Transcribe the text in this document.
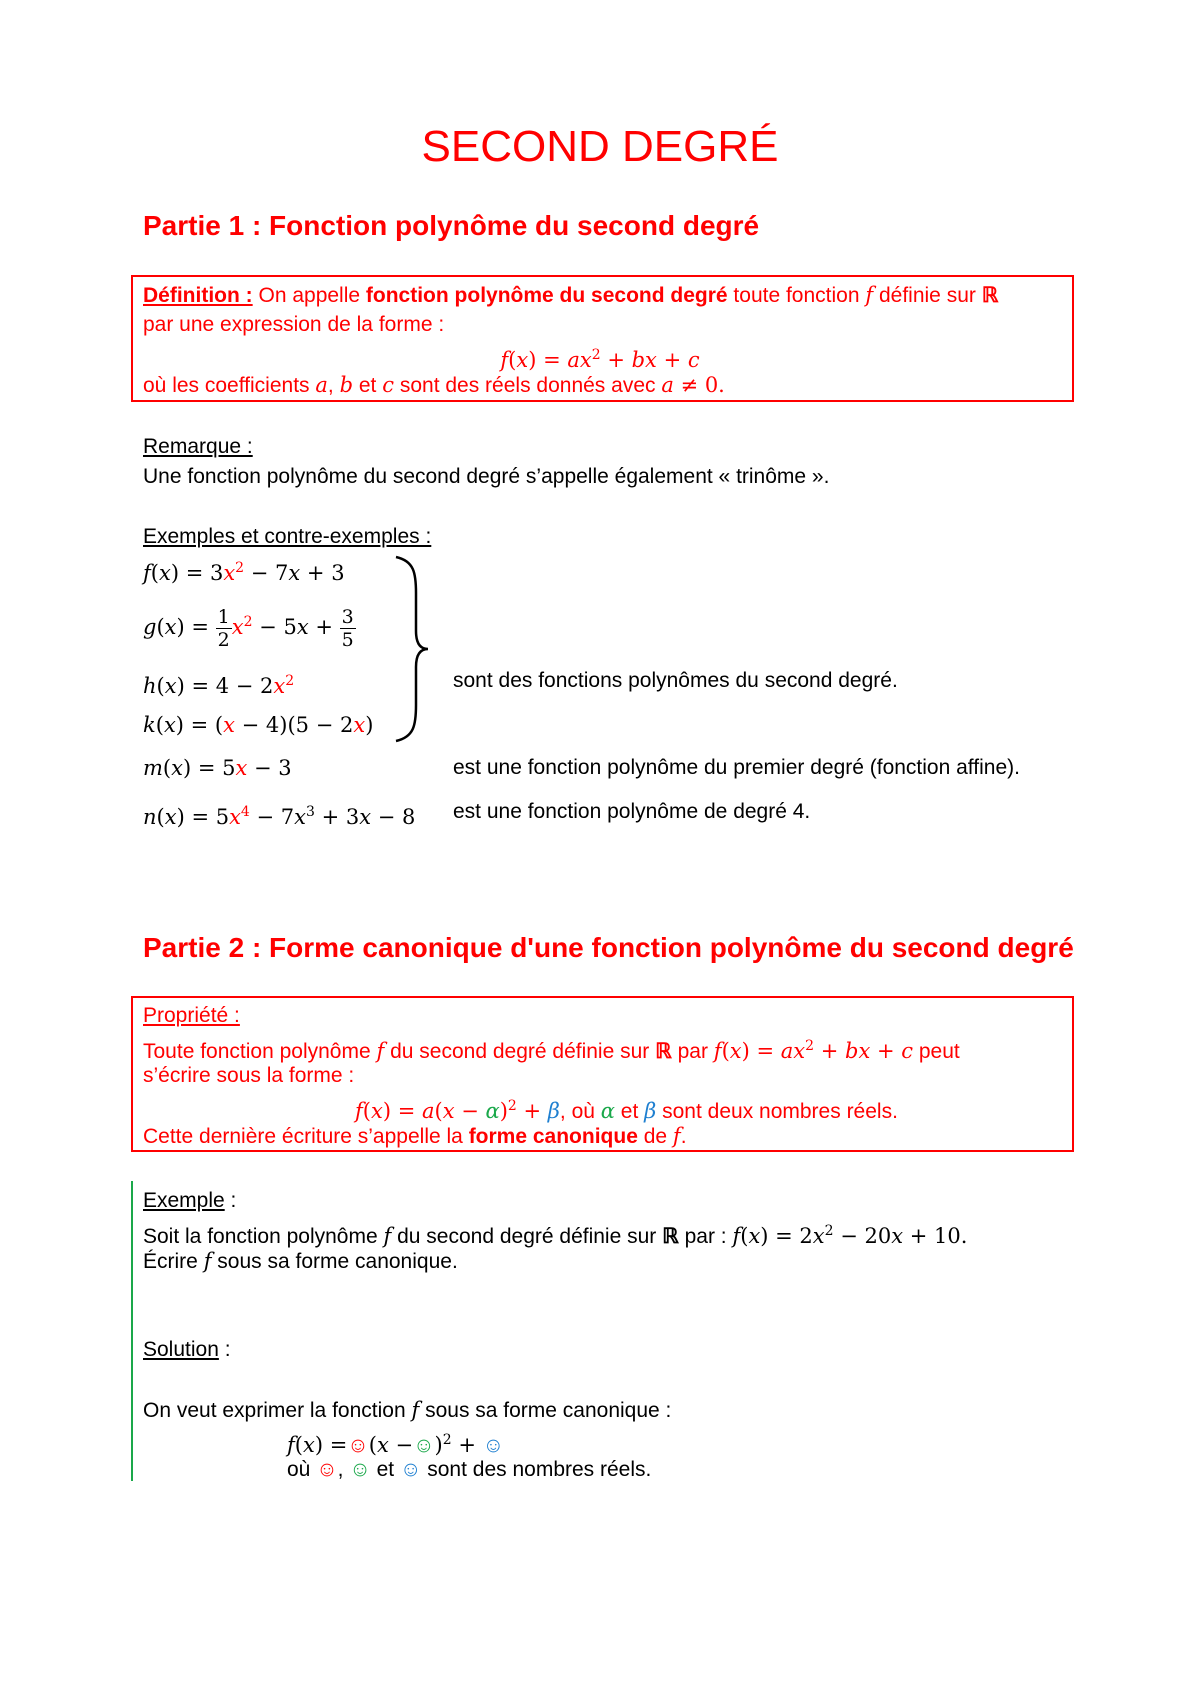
SECOND DEGRÉ
Partie 1 : Fonction polynôme du second degré
Définition : On appelle fonction polynôme du second degré toute fonction f définie sur ℝ
par une expression de la forme :
$f(x) = ax^2$ + bx + c
où les coefficients a, b et c sont des réels donnés avec a ≠ 0.
Remarque :
Une fonction polynôme du second degré s’appelle également « trinôme ».
Exemples et contre-exemples :
$f(x) = 3x^2 - 7x + 3$
$g(x) = \frac{1}{2} x^2 - 5x + \frac{3}{5}$
$h(x) = 4 - 2x^2$
k(x) = (x − 4)(5 − 2x)
sont des fonctions polynômes du second degré.
m(x) = 5x − 3	est une fonction polynôme du premier degré (fonction affine).
$n(x) = 5x^4 - 7x^3 + 3x - 8$ est une fonction polynôme de degré 4.
Partie 2 : Forme canonique d'une fonction polynôme du second degré
Propriété :
Toute fonction polynôme f du second degré définie sur ℝ par $f(x) = ax^2$ + bx + c peut
s’écrire sous la forme :
$f(x) = a(x - \alpha)^2 + \beta$, où α et β sont deux nombres réels.
Cette dernière écriture s’appelle la forme canonique de f.
Exemple :
Soit la fonction polynôme f du second degré définie sur ℝ par : $f(x) = 2x^2 - 20x + 10$.
Écrire f sous sa forme canonique.
Solution :
On veut exprimer la fonction f sous sa forme canonique :
f(x) =☺(x −☺)$^2$ + ☺
où ☺, ☺ et ☺ sont des nombres réels.
